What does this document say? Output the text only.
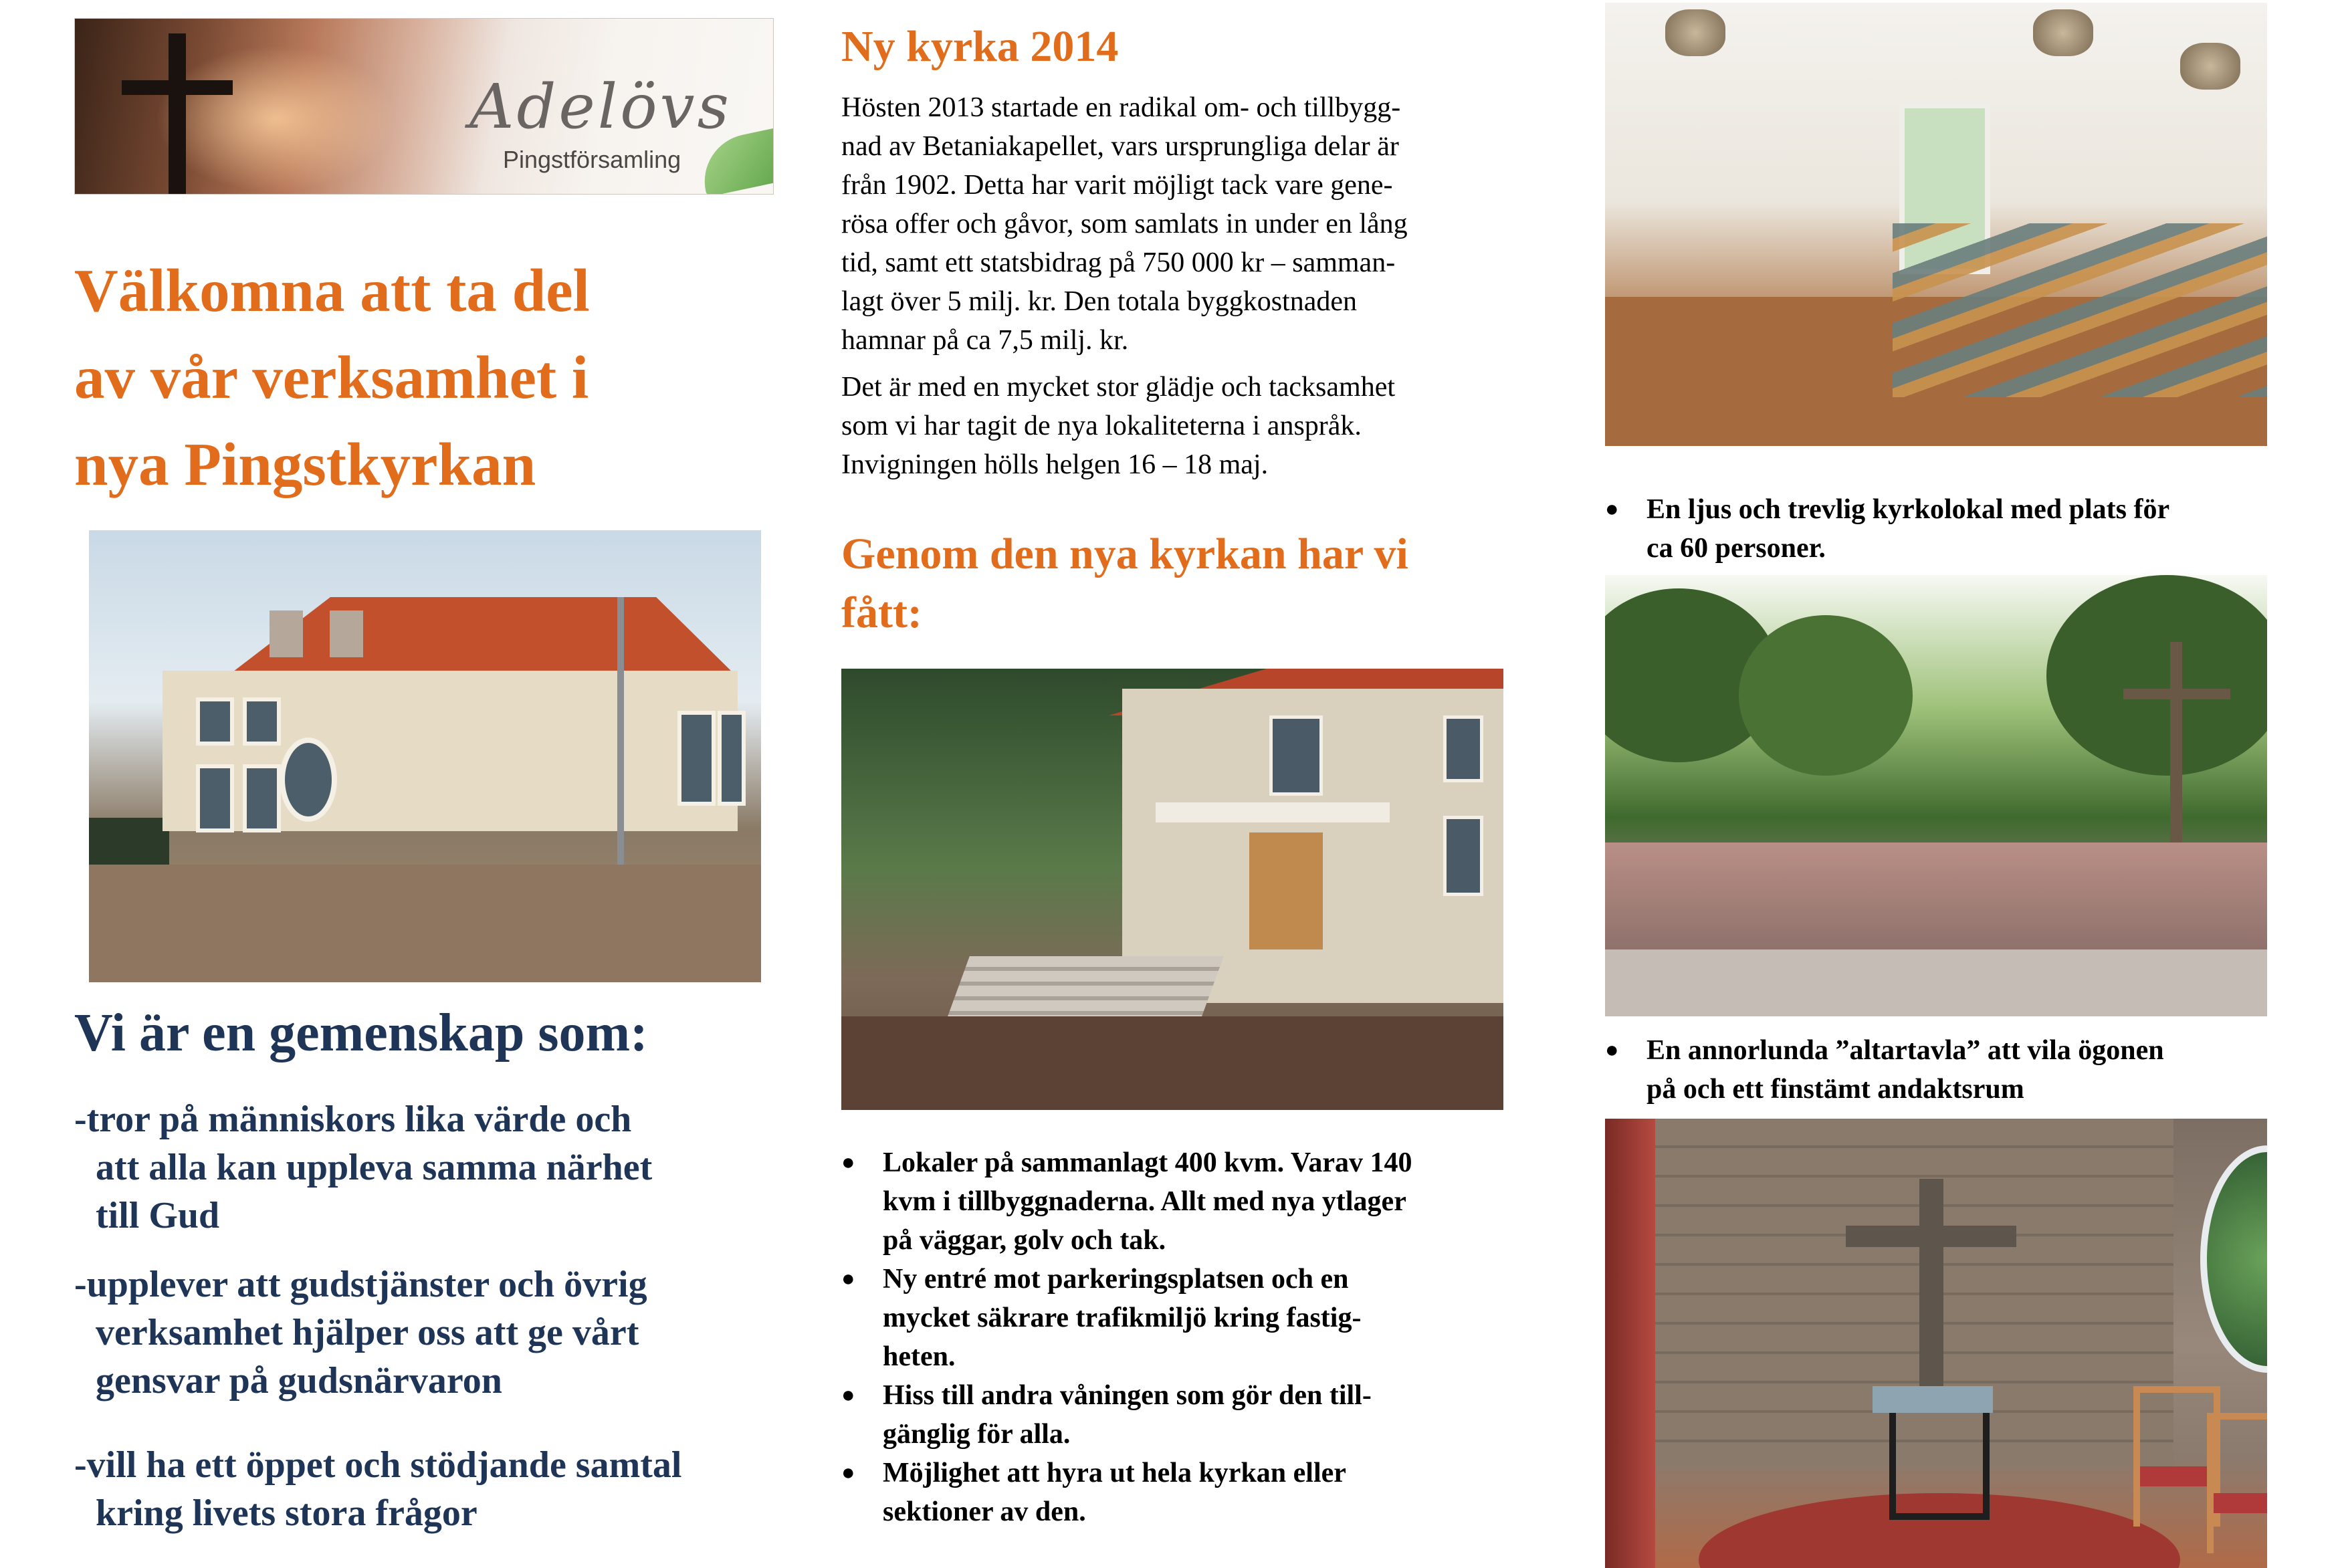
Adelövs
Pingstförsamling
Välkomna att ta del
av vår verksamhet i
nya Pingstkyrkan
Vi är en gemenskap som:
-tror på människors lika värde och
att alla kan uppleva samma närhet
till Gud
-upplever att gudstjänster och övrig
verksamhet hjälper oss att ge vårt
gensvar på gudsnärvaron
-vill ha ett öppet och stödjande samtal
kring livets stora frågor
Ny kyrka 2014
Hösten 2013 startade en radikal om- och tillbygg-
nad av Betaniakapellet, vars ursprungliga delar är
från 1902. Detta har varit möjligt tack vare gene-
rösa offer och gåvor, som samlats in under en lång
tid, samt ett statsbidrag på 750 000 kr – samman-
lagt över 5 milj. kr. Den totala byggkostnaden
hamnar på ca 7,5 milj. kr.
Det är med en mycket stor glädje och tacksamhet
som vi har tagit de nya lokaliteterna i anspråk.
Invigningen hölls helgen 16 – 18 maj.
Genom den nya kyrkan har vi
fått:
● Lokaler på sammanlagt 400 kvm. Varav 140
kvm i tillbyggnaderna. Allt med nya ytlager
på väggar, golv och tak.
● Ny entré mot parkeringsplatsen och en
mycket säkrare trafikmiljö kring fastig-
heten.
● Hiss till andra våningen som gör den till-
gänglig för alla.
● Möjlighet att hyra ut hela kyrkan eller
sektioner av den.
● En ljus och trevlig kyrkolokal med plats för
ca 60 personer.
● En annorlunda ”altartavla” att vila ögonen
på och ett finstämt andaktsrum
